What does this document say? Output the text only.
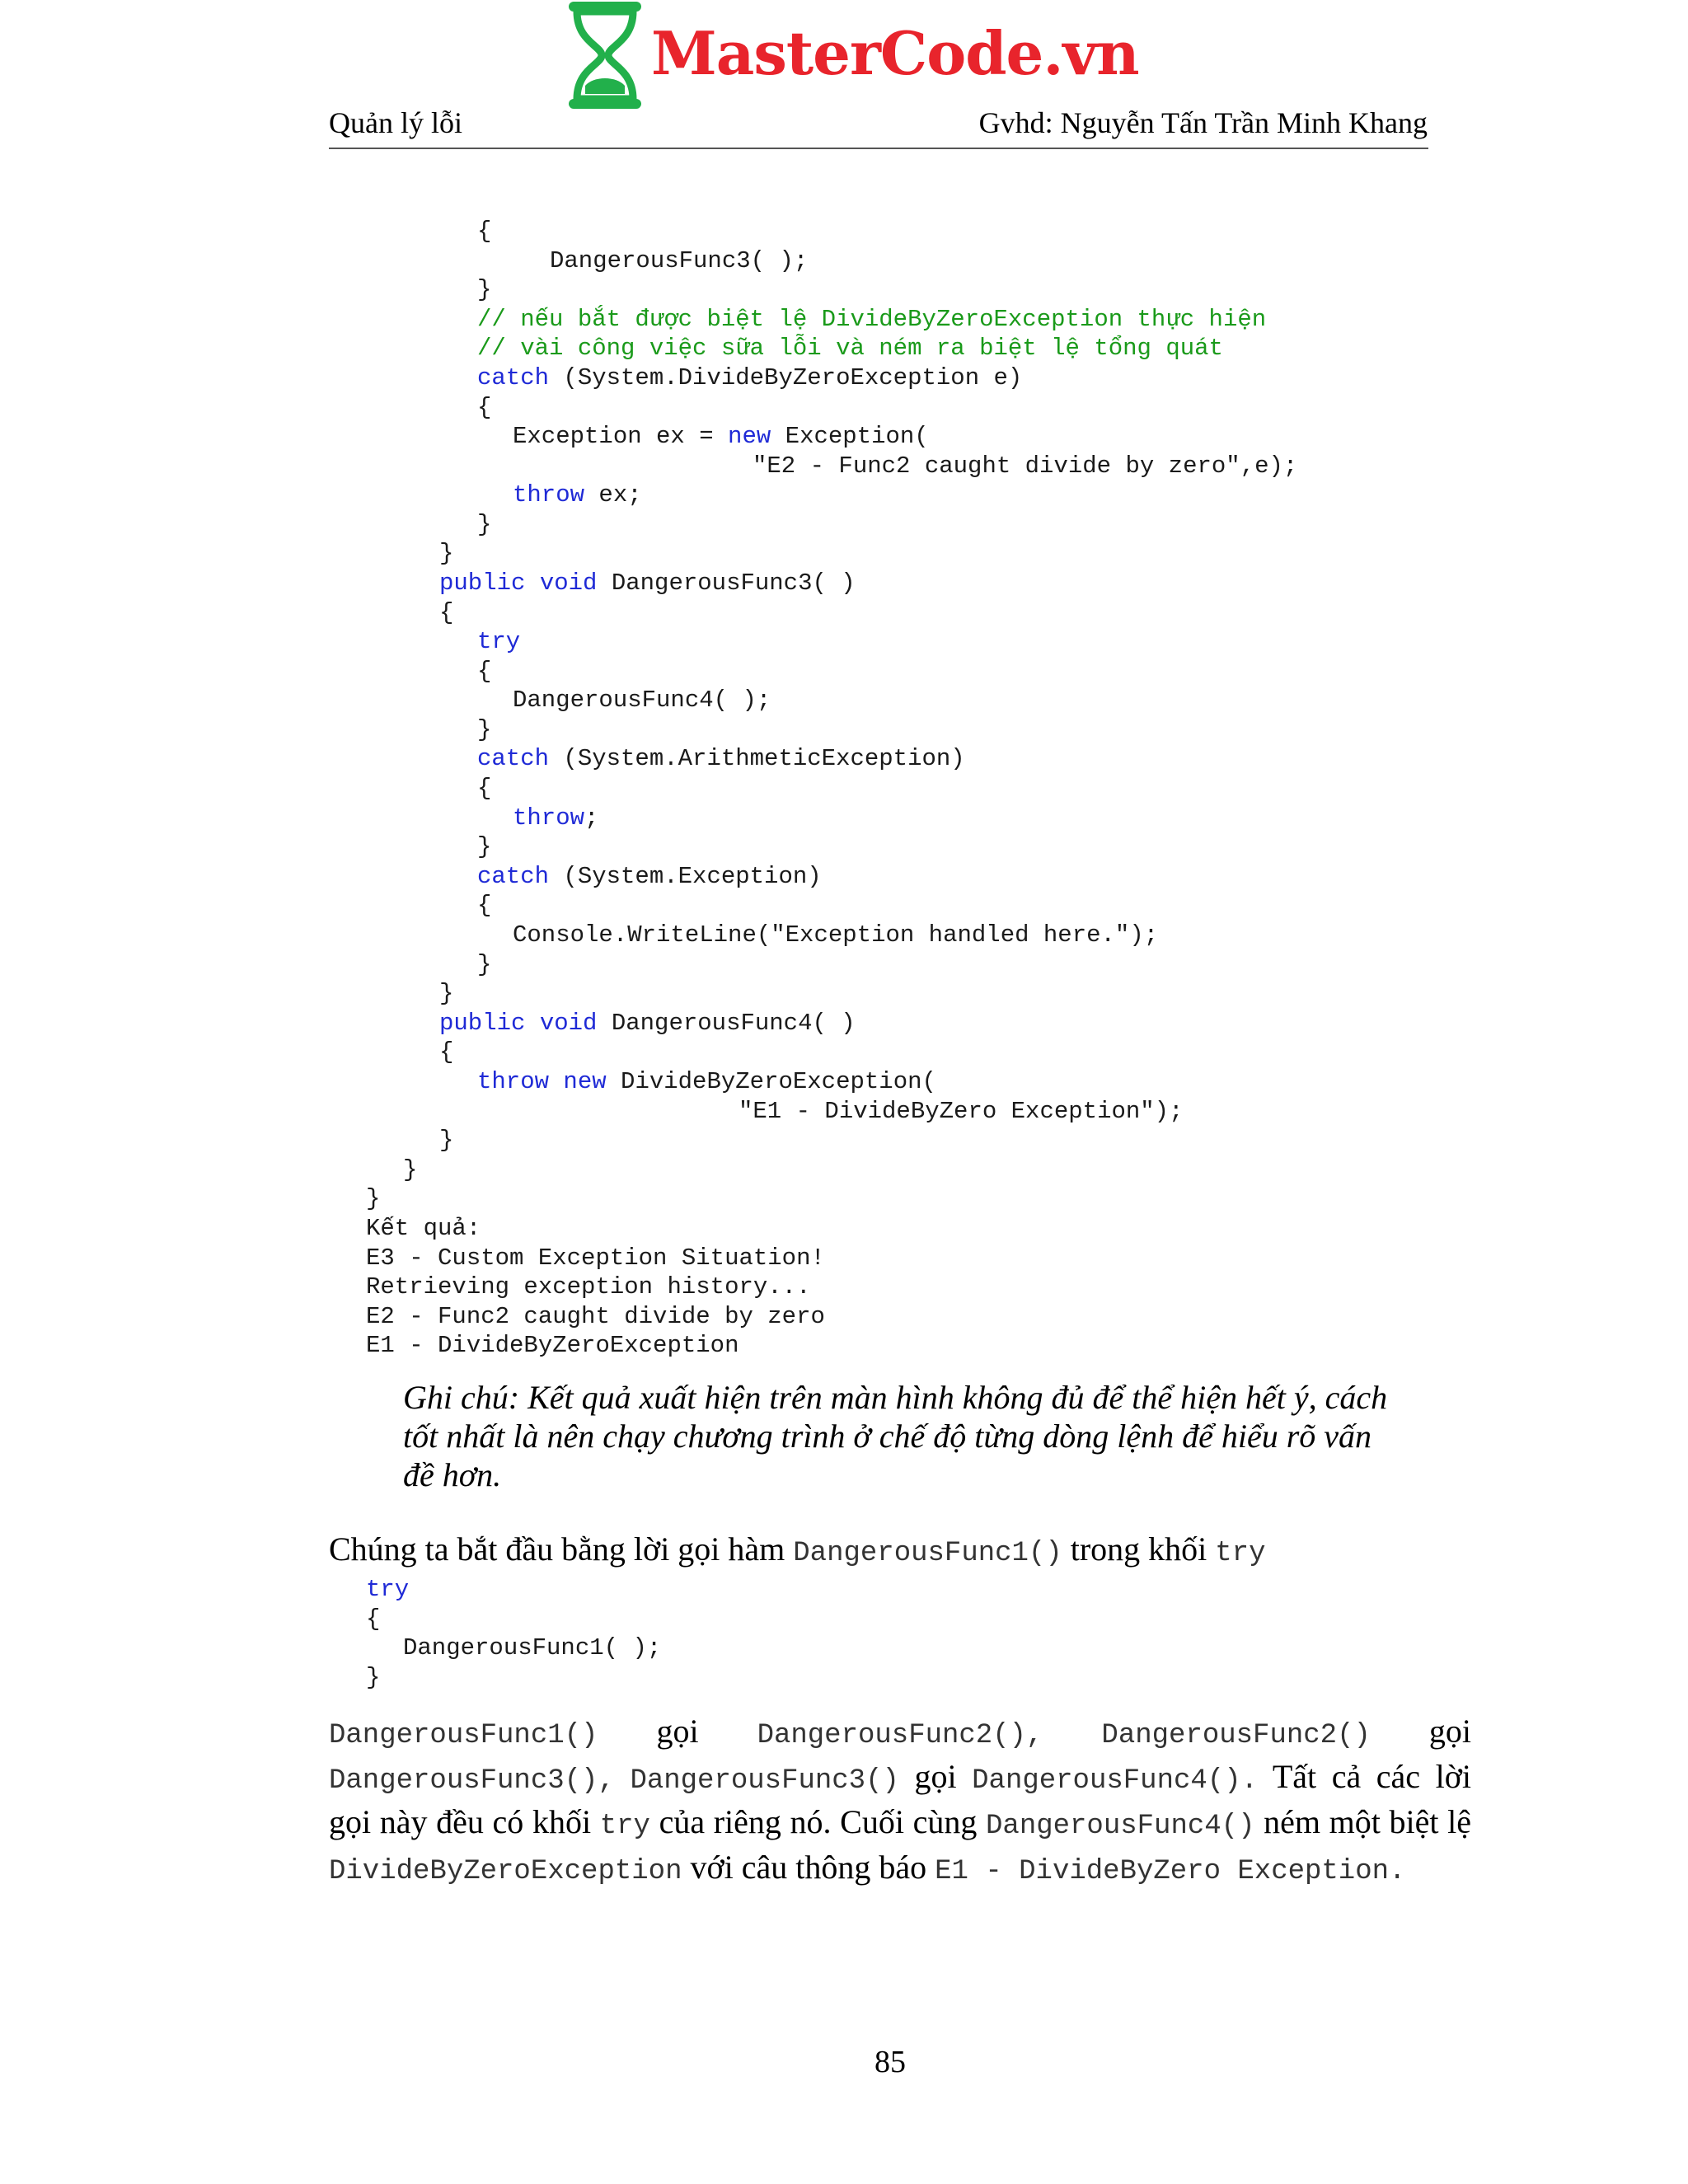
MasterCode.vn
Quản lý lỗi	Gvhd: Nguyễn Tấn Trần Minh Khang
{
DangerousFunc3( );
}
// nếu bắt được biệt lệ DivideByZeroException thực hiện
// vài công việc sữa lỗi và ném ra biệt lệ tổng quát
catch (System.DivideByZeroException e)
{
Exception ex = new Exception(
"E2 - Func2 caught divide by zero",e);
throw ex;
}
}
public void DangerousFunc3( )
{
try
{
DangerousFunc4( );
}
catch (System.ArithmeticException)
{
throw;
}
catch (System.Exception)
{
Console.WriteLine("Exception handled here.");
}
}
public void DangerousFunc4( )
{
throw new DivideByZeroException(
"E1 - DivideByZero Exception");
}
}
}
Kết quả:
E3 - Custom Exception Situation!
Retrieving exception history...
E2 - Func2 caught divide by zero
E1 - DivideByZeroException
Ghi chú: Kết quả xuất hiện trên màn hình không đủ để thể hiện hết ý, cách tốt nhất là nên chạy chương trình ở chế độ từng dòng lệnh để hiểu rõ vấn đề hơn.
Chúng ta bắt đầu bằng lời gọi hàm DangerousFunc1() trong khối try
try
{
DangerousFunc1( );
}
DangerousFunc1() gọi DangerousFunc2(), DangerousFunc2() gọi DangerousFunc3(), DangerousFunc3() gọi DangerousFunc4(). Tất cả các lời gọi này đều có khối try của riêng nó. Cuối cùng DangerousFunc4() ném một biệt lệ DivideByZeroException với câu thông báo E1 - DivideByZero Exception.
85
